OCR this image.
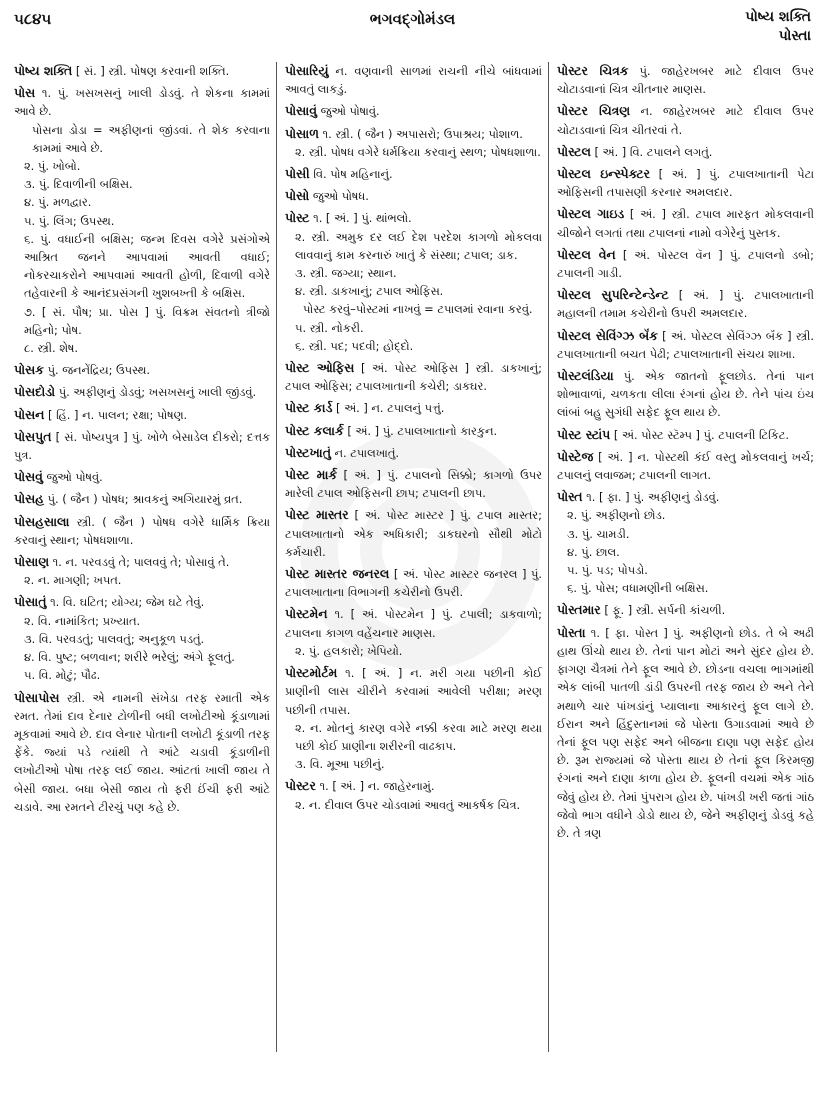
૫૮૪૫	ભગવદ્ગોમંડલ	પોષ્ય શક્તિ
પોસ્તા
પોષ્ય શક્તિ [ સં. ] સ્ત્રી. પોષણ કરવાની શક્તિ.
પોસ ૧. પું. ખસખસનું ખાલી ડોડવું. તે શેકના કામમાં આવે છે.
પોસના ડોડા = અફીણનાં જીંડવાં. તે શેક કરવાના કામમાં આવે છે.
૨. પું. ખોબો.
૩. પું. દિવાળીની બક્ષિસ.
૪. પું. મળદ્વાર.
૫. પું. લિંગ; ઉપસ્થ.
૬. પું. વધાઈની બક્ષિસ; જન્મ દિવસ વગેરે પ્રસંગોએ આશ્રિત જનને આપવામાં આવતી વધાઈ; નોકરચાકરોને આપવામાં આવતી હોળી, દિવાળી વગેરે તહેવારની કે આનંદપ્રસંગની ખુશબખ્તી કે બક્ષિસ.
૭. [ સં. પૌષ; પ્રા. પોસ ] પું. વિક્રમ સંવતનો ત્રીજો મહિનો; પોષ.
૮. સ્ત્રી. શેષ.
પોસક પું. જનનેંદ્રિય; ઉપસ્થ.
પોસદોડો પું. અફીણનું ડોડવું; ખસખસનું ખાલી જીંડવું.
પોસન [ હિં. ] ન. પાલન; રક્ષા; પોષણ.
પોસપુત [ સં. પોષ્યપુત્ર ] પું. ખોળે બેસાડેલ દીકરો; દત્તક પુત્ર.
પોસવું જુઓ પોષવું.
પોસહ પું. ( જૈન ) પોષધ; શ્રાવકનું અગિયારમું વ્રત.
પોસહસાલા સ્ત્રી. ( જૈન ) પોષધ વગેરે ધાર્મિક ક્રિયા કરવાનું સ્થાન; પોષધશાળા.
પોસાણ ૧. ન. પરવડવું તે; પાલવવું તે; પોસાવું તે.
૨. ન. માગણી; ખપત.
પોસાતું ૧. વિ. ઘટિત; યોગ્ય; જેમ ઘટે તેવું.
૨. વિ. નામાંકિત; પ્રખ્યાત.
૩. વિ. પરવડતું; પાલવતું; અનુકૂળ પડતું.
૪. વિ. પુષ્ટ; બળવાન; શરીરે ભરેલું; અંગે ફૂલતું.
૫. વિ. મોટું; પૌઢ.
પોસાપોસ સ્ત્રી. એ નામની સંખેડા તરફ રમાતી એક રમત. તેમાં દાવ દેનાર ટોળીની બધી લખોટીઓ કૂંડાળામાં મૂકવામાં આવે છે. દાવ લેનાર પોતાની લખોટી કૂંડાળી તરફ ફેંકે. જ્યાં પડે ત્યાંથી તે આંટે ચડાવી કૂંડાળીની લખોટીઓ પોષા તરફ લઈ જાય. આંટતાં ખાલી જાય તે બેસી જાય. બધા બેસી જાય તો ફરી ઈંચી ફરી આંટે ચડાવે. આ રમતને ટીરચું પણ કહે છે.
પોસારિયું ન. વણવાની સાળમાં રાચની નીચે બાંધવામાં આવતું લાકડું.
પોસાવું જુઓ પોષાવું.
પોસાળ ૧. સ્ત્રી. ( જૈન ) અપાસરો; ઉપાશ્રય; પોશાળ.
૨. સ્ત્રી. પોષધ વગેરે ધર્મક્રિયા કરવાનું સ્થળ; પોષધશાળા.
પોસી વિ. પોષ મહિનાનું.
પોસો જુઓ પોષધ.
પોસ્ટ ૧. [ અં. ] પું. થાંભલો.
૨. સ્ત્રી. અમુક દર લઈ દેશ પરદેશ કાગળો મોકલવા લાવવાનું કામ કરનારું ખાતું કે સંસ્થા; ટપાલ; ડાક.
૩. સ્ત્રી. જગ્યા; સ્થાન.
૪. સ્ત્રી. ડાકખાનું; ટપાલ ઓફિસ.
પોસ્ટ કરવું–પોસ્ટમાં નાખવું = ટપાલમાં રવાના કરવું.
૫. સ્ત્રી. નોકરી.
૬. સ્ત્રી. પદ; પદવી; હોદ્દો.
પોસ્ટ ઓફિસ [ અં. પોસ્ટ ઓફિસ ] સ્ત્રી. ડાકખાનું; ટપાલ ઓફિસ; ટપાલખાતાની કચેરી; ડાકઘર.
પોસ્ટ કાર્ડ [ અં. ] ન. ટપાલનું પત્તું.
પોસ્ટ કલાર્ક [ અં. ] પું. ટપાલખાતાનો કારકુન.
પોસ્ટખાતું ન. ટપાલખાતું.
પોસ્ટ માર્ક [ અં. ] પું. ટપાલનો સિક્કો; કાગળો ઉપર મારેલી ટપાલ ઓફિસની છાપ; ટપાલની છાપ.
પોસ્ટ માસ્તર [ અં. પોસ્ટ માસ્ટર ] પું. ટપાલ માસ્તર; ટપાલખાતાનો એક અધિકારી; ડાકઘરનો સૌથી મોટો કર્મચારી.
પોસ્ટ માસ્તર જનરલ [ અં. પોસ્ટ માસ્ટર જનરલ ] પું. ટપાલખાતાના વિભાગની કચેરીનો ઉપરી.
પોસ્ટમેન ૧. [ અં. પોસ્ટમેન ] પું. ટપાલી; ડાકવાળો; ટપાલના કાગળ વહેંચનાર માણસ.
૨. પું. હલકારો; ખેપિયો.
પોસ્ટમોર્ટમ ૧. [ અં. ] ન. મરી ગયા પછીની કોઈ પ્રાણીની લાસ ચીરીને કરવામાં આવેલી પરીક્ષા; મરણ પછીની તપાસ.
૨. ન. મોતનું કારણ વગેરે નક્કી કરવા માટે મરણ થયા પછી કોઈ પ્રાણીના શરીરની વાઢકાપ.
૩. વિ. મૂઆ પછીનું.
પોસ્ટર ૧. [ અં. ] ન. જાહેરનામું.
૨. ન. દીવાલ ઉપર ચોડવામાં આવતું આકર્ષક ચિત્ર.
પોસ્ટર ચિત્રક પું. જાહેરખબર માટે દીવાલ ઉપર ચોટાડવાનાં ચિત્ર ચીતનાર માણસ.
પોસ્ટર ચિત્રણ ન. જાહેરખબર માટે દીવાલ ઉપર ચોટાડવાનાં ચિત્ર ચીતરવાં તે.
પોસ્ટલ [ અં. ] વિ. ટપાલને લગતું.
પોસ્ટલ ઇન્સ્પેક્ટર [ અં. ] પું. ટપાલખાતાની પેટા ઓફિસની તપાસણી કરનાર અમલદાર.
પોસ્ટલ ગાઇડ [ અં. ] સ્ત્રી. ટપાલ મારફત મોકલવાની ચીજોને લગતાં તથા ટપાલનાં નામો વગેરેનું પુસ્તક.
પોસ્ટલ વેન [ અં. પોસ્ટલ વૅન ] પું. ટપાલનો ડબો; ટપાલની ગાડી.
પોસ્ટલ સુપરિન્ટેન્ડેન્ટ [ અં. ] પું. ટપાલખાતાની મહાલની તમામ કચેરીનો ઉપરી અમલદાર.
પોસ્ટલ સેવિંગ્ઝ બૅંક [ અં. પોસ્ટલ સેવિંગ્ઝ બૅંક ] સ્ત્રી. ટપાલખાતાની બચત પેઢી; ટપાલખાતાની સંચય શાખા.
પોસ્ટલંડિયા પું. એક જાતનો ફૂલછોડ. તેનાં પાન શોભાવાળાં, ચળકતા લીલા રંગનાં હોય છે. તેને પાંચ ઇંચ લાંબાં બહુ સુગંધી સફેદ ફૂલ થાય છે.
પોસ્ટ સ્ટાંપ [ અં. પોસ્ટ સ્ટૅમ્પ ] પું. ટપાલની ટિકિટ.
પોસ્ટેજ [ અં. ] ન. પોસ્ટથી કંઈ વસ્તુ મોકલવાનું ખર્ચ; ટપાલનું લવાજમ; ટપાલની લાગત.
પોસ્ત ૧. [ ફા. ] પું. અફીણનું ડોડવું.
૨. પું. અફીણનો છોડ.
૩. પું. ચામડી.
૪. પું. છાલ.
૫. પું. પડ; પોપડો.
૬. પું. પોસ; વધામણીની બક્ષિસ.
પોસ્તમાર [ ફૂ. ] સ્ત્રી. સર્પની કાંચળી.
પોસ્તા ૧. [ ફા. પોસ્ત ] પું. અફીણનો છોડ. તે બે અઢી હાથ ઊંચો થાય છે. તેનાં પાન મોટાં અને સુંદર હોય છે. ફાગણ ચૈત્રમાં તેને ફૂલ આવે છે. છોડના વચલા ભાગમાંથી એક લાંબી પાતળી ડાંડી ઉપરની તરફ જાય છે અને તેને મથાળે ચાર પાંખડાંનું પ્યાલાના આકારનું ફૂલ લાગે છે. ઈરાન અને હિંદુસ્તાનમાં જે પોસ્તા ઉગાડવામાં આવે છે તેનાં ફૂલ પણ સફેદ અને બીજના દાણા પણ સફેદ હોય છે. રૂમ રાજ્યમાં જે પોસ્તા થાય છે તેનાં ફૂલ કિરમજી રંગનાં અને દાણા કાળા હોય છે. ફૂલની વચમાં એક ગાંઠ જેવું હોય છે. તેમાં પુંપરાગ હોય છે. પાંખડી ખરી જતાં ગાંઠ જેવો ભાગ વધીને ડોડો થાય છે, જેને અફીણનું ડોડવું કહે છે. તે ત્રણ
